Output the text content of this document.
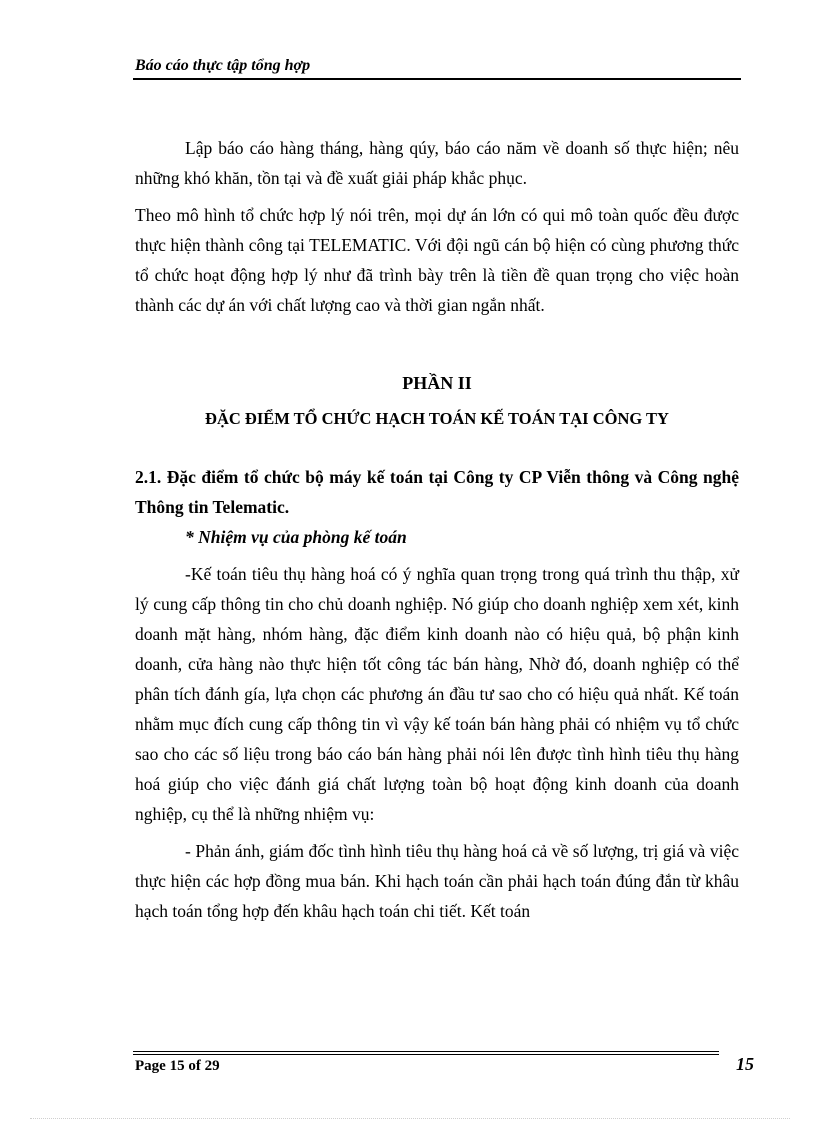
Báo cáo thực tập tổng hợp

Lập báo cáo hàng tháng, hàng qúy, báo cáo năm về doanh số thực hiện; nêu những khó khăn, tồn tại và đề xuất giải pháp khắc phục.

Theo mô hình tổ chức hợp lý nói trên, mọi dự án lớn có qui mô toàn quốc đều được thực hiện thành công tại TELEMATIC. Với đội ngũ cán bộ hiện có cùng phương thức tổ chức hoạt động hợp lý như đã trình bày trên là tiền đề quan trọng cho việc hoàn thành các dự án với chất lượng cao và thời gian ngắn nhất.

PHẦN II
ĐẶC ĐIỂM TỔ CHỨC HẠCH TOÁN KẾ TOÁN TẠI CÔNG TY

2.1. Đặc điểm tổ chức bộ máy kế toán tại Công ty CP Viễn thông và Công nghệ Thông tin Telematic.

* Nhiệm vụ của phòng kế toán

-Kế toán tiêu thụ hàng hoá có ý nghĩa quan trọng trong quá trình thu thập, xử lý cung cấp thông tin cho chủ doanh nghiệp. Nó giúp cho doanh nghiệp xem xét, kinh doanh mặt hàng, nhóm hàng, đặc điểm kinh doanh nào có hiệu quả, bộ phận kinh doanh, cửa hàng nào thực hiện tốt công tác bán hàng, Nhờ đó, doanh nghiệp có thể phân tích đánh gía, lựa chọn các phương án đầu tư sao cho có hiệu quả nhất. Kế toán nhằm mục đích cung cấp thông tin vì vậy kế toán bán hàng phải có nhiệm vụ tổ chức sao cho các số liệu trong báo cáo bán hàng phải nói lên được tình hình tiêu thụ hàng hoá giúp cho việc đánh giá chất lượng toàn bộ hoạt động kinh doanh của doanh nghiệp, cụ thể là những nhiệm vụ:

- Phản ánh, giám đốc tình hình tiêu thụ hàng hoá cả về số lượng, trị giá và việc thực hiện các hợp đồng mua bán. Khi hạch toán cần phải hạch toán đúng đắn từ khâu hạch toán tổng hợp đến khâu hạch toán chi tiết. Kết toán

Page 15 of 29	15
